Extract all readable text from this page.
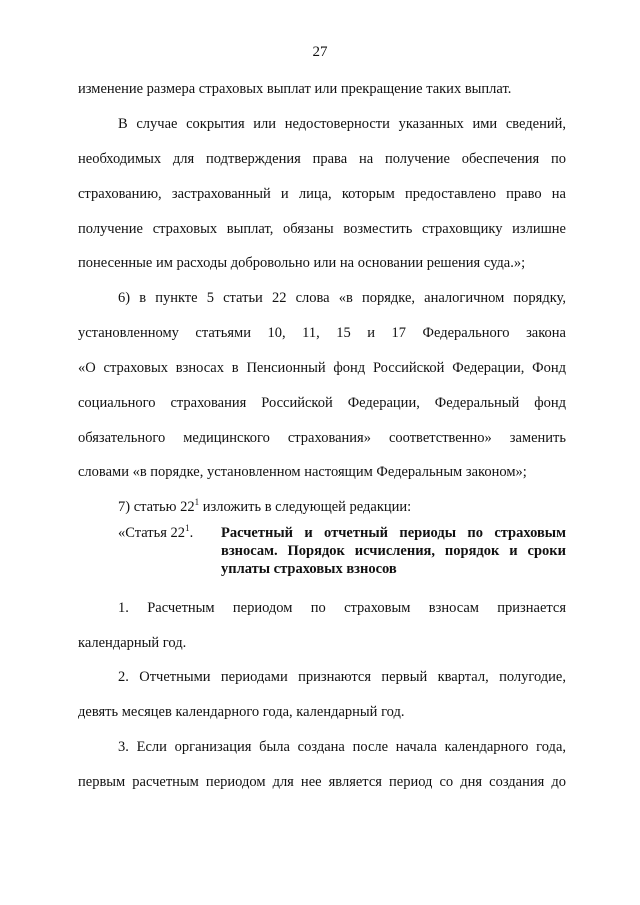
27
изменение размера страховых выплат или прекращение таких выплат.
В случае сокрытия или недостоверности указанных ими сведений,
необходимых для подтверждения права на получение обеспечения по
страхованию, застрахованный и лица, которым предоставлено право на
получение страховых выплат, обязаны возместить страховщику излишне
понесенные им расходы добровольно или на основании решения суда.»;
6) в пункте 5 статьи 22 слова «в порядке, аналогичном порядку,
установленному статьями 10, 11, 15 и 17 Федерального закона
«О страховых взносах в Пенсионный фонд Российской Федерации, Фонд
социального страхования Российской Федерации, Федеральный фонд
обязательного медицинского страхования» соответственно» заменить
словами «в порядке, установленном настоящим Федеральным законом»;
7) статью $22^1$ изложить в следующей редакции:
«Статья $22^1$. Расчетный и отчетный периоды по страховым
взносам. Порядок исчисления, порядок и сроки
уплаты страховых взносов
1. Расчетным периодом по страховым взносам признается
календарный год.
2. Отчетными периодами признаются первый квартал, полугодие,
девять месяцев календарного года, календарный год.
3. Если организация была создана после начала календарного года,
первым расчетным периодом для нее является период со дня создания до
